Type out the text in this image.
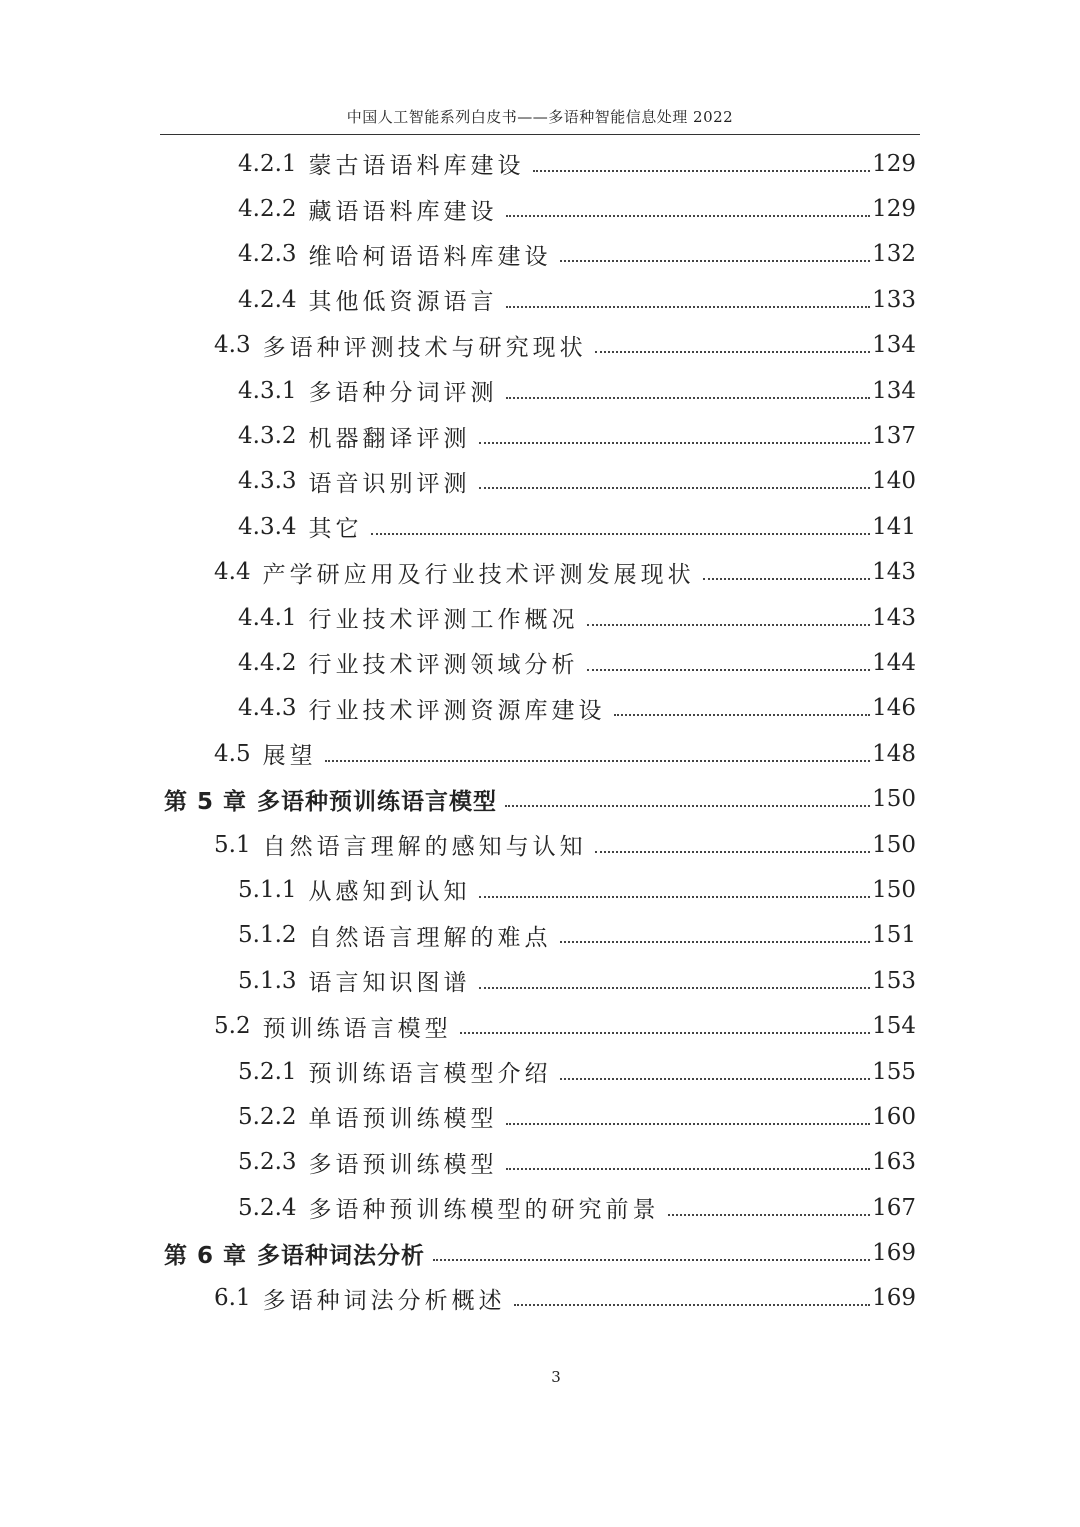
中国人工智能系列白皮书——多语种智能信息处理 2022
4.2.1 蒙古语语料库建设	129
4.2.2 藏语语料库建设	129
4.2.3 维哈柯语语料库建设	132
4.2.4 其他低资源语言	133
4.3 多语种评测技术与研究现状	134
4.3.1 多语种分词评测	134
4.3.2 机器翻译评测	137
4.3.3 语音识别评测	140
4.3.4 其它	141
4.4 产学研应用及行业技术评测发展现状	143
4.4.1 行业技术评测工作概况	143
4.4.2 行业技术评测领域分析	144
4.4.3 行业技术评测资源库建设	146
4.5 展望	148
第 5 章 多语种预训练语言模型	150
5.1 自然语言理解的感知与认知	150
5.1.1 从感知到认知	150
5.1.2 自然语言理解的难点	151
5.1.3 语言知识图谱	153
5.2 预训练语言模型	154
5.2.1 预训练语言模型介绍	155
5.2.2 单语预训练模型	160
5.2.3 多语预训练模型	163
5.2.4 多语种预训练模型的研究前景	167
第 6 章 多语种词法分析	169
6.1 多语种词法分析概述	169
3
